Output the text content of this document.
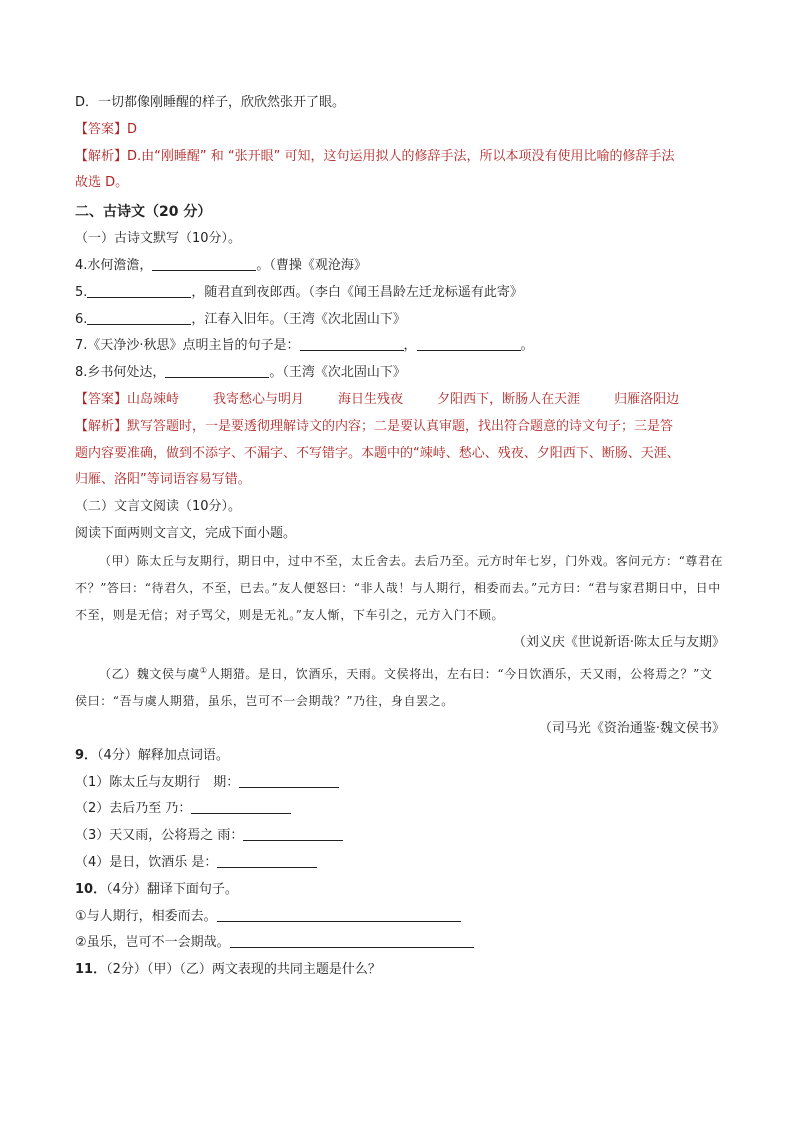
D．一切都像刚睡醒的样子，欣欣然张开了眼。
【答案】D
【解析】D.由“刚睡醒” 和 “张开眼” 可知，这句运用拟人的修辞手法，所以本项没有使用比喻的修辞手法
故选 D。
二、古诗文（20 分）
（一）古诗文默写（10分）。
4.水何澹澹，	。（曹操《观沧海》
5.	，随君直到夜郎西。（李白《闻王昌龄左迁龙标遥有此寄》
6.	，江春入旧年。（王湾《次北固山下》
7.《天净沙·秋思》点明主旨的句子是：	，	。
8.乡书何处达，	。（王湾《次北固山下》
【答案】山岛竦峙	我寄愁心与明月	海日生残夜	夕阳西下，断肠人在天涯	归雁洛阳边
【解析】默写答题时，一是要透彻理解诗文的内容；二是要认真审题，找出符合题意的诗文句子；三是答
题内容要准确，做到不添字、不漏字、不写错字。本题中的“竦峙、愁心、残夜、夕阳西下、断肠、天涯、
归雁、洛阳”等词语容易写错。
（二）文言文阅读（10分）。
阅读下面两则文言文，完成下面小题。
（甲）陈太丘与友期行，期日中，过中不至，太丘舍去。去后乃至。元方时年七岁，门外戏。客问元方：“尊君在不？”答曰：“待君久，不至，已去。”友人便怒曰：“非人哉！与人期行，相委而去。”元方曰：“君与家君期日中，日中不至，则是无信；对子骂父，则是无礼。”友人惭，下车引之，元方入门不顾。
（刘义庆《世说新语·陈太丘与友期》
（乙）魏文侯与虞①人期猎。是日，饮酒乐，天雨。文侯将出，左右曰：“今日饮酒乐，天又雨，公将焉之？”文侯曰：“吾与虞人期猎，虽乐，岂可不一会期哉？”乃往，身自罢之。
（司马光《资治通鉴·魏文侯书》
9．（4分）解释加点词语。
（1）陈太丘与友期行　期：
（2）去后乃至 乃：
（3）天又雨，公将焉之 雨：
（4）是日，饮酒乐 是：
10．（4分）翻译下面句子。
①与人期行，相委而去。
②虽乐，岂可不一会期哉。
11．（2分）（甲）（乙）两文表现的共同主题是什么？
